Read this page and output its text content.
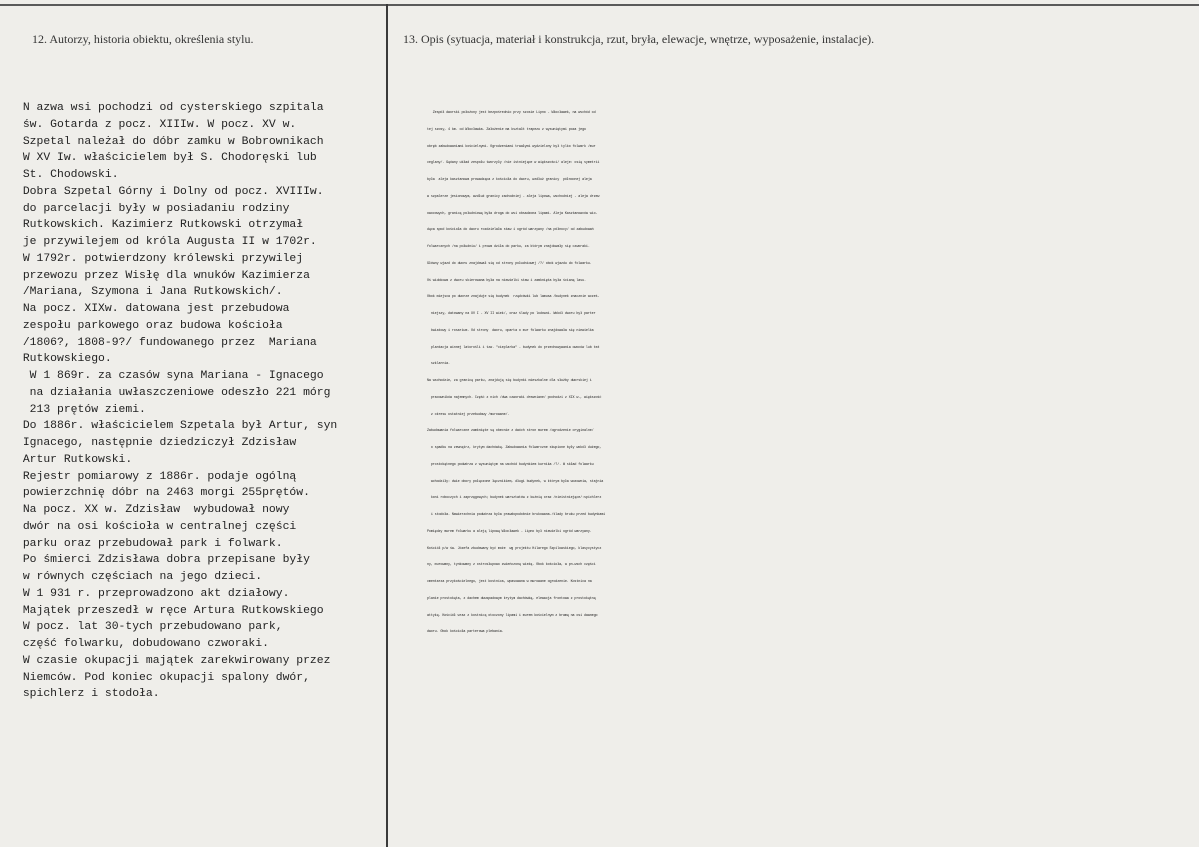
12. Autorzy, historia obiektu, określenia stylu.	13. Opis (sytuacja, materiał i konstrukcja, rzut, bryła, elewacje, wnętrze, wyposażenie, instalacje).
N azwa wsi pochodzi od cysterskiego szpitala
św. Gotarda z pocz. XIIIw. W pocz. XV w.
Szpetal należał do dóbr zamku w Bobrownikach
W XV Iw. właścicielem był S. Chodoręski lub
St. Chodowski.
Dobra Szpetal Górny i Dolny od pocz. XVIIIw.
do parcelacji były w posiadaniu rodziny
Rutkowskich. Kazimierz Rutkowski otrzymał
je przywilejem od króla Augusta II w 1702r.
W 1792r. potwierdzony królewski przywilej
przewozu przez Wisłę dla wnuków Kazimierza
/Mariana, Szymona i Jana Rutkowskich/.
Na pocz. XIXw. datowana jest przebudowa
zespołu parkowego oraz budowa kościoła
/1806?, 1808-9?/ fundowanego przez  Mariana
Rutkowskiego.
W 1 869r. za czasów syna Mariana - Ignacego
na działania uwłaszczeniowe odeszło 221 mórg
213 prętów ziemi.
Do 1886r. właścicielem Szpetala był Artur, syn
Ignacego, następnie dziedziczył Zdzisław
Artur Rutkowski.
Rejestr pomiarowy z 1886r. podaje ogólną
powierzchnię dóbr na 2463 morgi 255prętów.
Na pocz. XX w. Zdzisław  wybudował nowy
dwór na osi kościoła w centralnej części
parku oraz przebudował park i folwark.
Po śmierci Zdzisława dobra przepisane były
w równych częściach na jego dzieci.
W 1 931 r. przeprowadzono akt działowy.
Majątek przeszedł w ręce Artura Rutkowskiego
W pocz. lat 30-tych przebudowano park,
część folwarku, dobudowano czworaki.
W czasie okupacji majątek zarekwirowany przez
Niemców. Pod koniec okupacji spalony dwór,
spichlerz i stodoła.
Zespół dworski położony jest bezpośrednio przy szosie Lipno - Włocławek, na wschód od
tej szosy, 4 km. od Włocławka. Założenie ma kształt trapezu z wysuniętymi poza jego
obręb zabudowaniami kościelnymi. Ogrodzeniami trwałymi wydzielony był tylko folwark /mur
ceglany/. Gąówny układ zespołu tworzyły /nie istniejące w większości/ aleje: osią symetrii
była  aleja kasztanowa prowadząca z kościoła do dworu, wzdłuż granicy  północnej aleja
w szpalerze jesionowym, wzdłuż granicy zachodniej - aleja lipowa, wschodniej - aleja drzew
owocowych, granicą południową była droga do wsi obsadzona lipami. Aleja Kasztanowców wio-
dąca spod kościoła do dworu rozdzielała staw i ogród warzywny /na północy/ od zabudowań
folwarcznych /na południu/ i prowa dziła do parku, za którym znajdowały się czworaki.
Główny wjazd do dworu znajdował się od strony południowej /?/ obok wjazdu do folwarku.
Oś widokowa z dworu skierowana była na niewielki staw i zamknięta była ścianą lasu.
Obok miejsca po dworze znajduje się budynek  rządcówki lub lamusa /budynek znacznie wcześ-
niejszy, datowany na XV I - XV II wiek/, oraz ślady po lodowni. Wokół dworu był parter
kwiatowy i rosarium. Od strony  dworu, oparta o mur folwarku znajdowała się niewielka
plantacja winnej latorośli i tzw. "cieplarka" - budynek do przechowywania owoców lub też
szklarnia.
Na wschodzie, za granicą parku, znajdują się budynki mieszkalne dla służby dworskiej i
pracowników najemnych. Część z nich /dwa czworaki drewniane/ pochodzi z XIX w., większość
z okresu ostatniej przebudowy /murowane/.
Zabudowania folwarczne zamknięte są obecnie z dwóch stron murem /ogrodzenie oryginalne/
o spadku na zewnątrz, krytym dachówką. Zabudowania folwarczne skupione były wokół dużego,
prostokątnego podwórza z wysuniętym na wschód budynkiem kurnika /?/. W skład folwarku
wchodziły: dwie obory połączone łącznikiem, długi budynek, w którym była wozownia, stajnia
koni roboczych i zaprzęgowych; budynek warsztatów z kuźnią oraz /nieistniejące/:spichlerz
i stodoła. Nawierzchnia podwórza była prawdopodobnie brukowana./ślady bruku przed budynkami
Pomiędzy murem folwarku a aleją lipową Włocławek - Lipno był niewielki ogród warzywny.
Kościół p/w św. Józefa zbudowany być może  wg projektu Hilarego Szpilowskiego, klasycystycz
ny, murowany, tynkowany z ostrosłupowo zwieńczoną wieżą. Obok kościoła, w pn-wsch części
cmentarza przykościelnego, jest kostnica, wpasowana w murowane ogrodzenie. Kostnica na
planie prostokąta, z dachem dwuspadowym krytym dachówką, elewacja frontowa z prostokątną
attyką. Kościół wraz z kostnicą otoczony lipami i murem kościelnym z bramą na osi dawnego
dworu. Obok kościoła parterowa plebania.
